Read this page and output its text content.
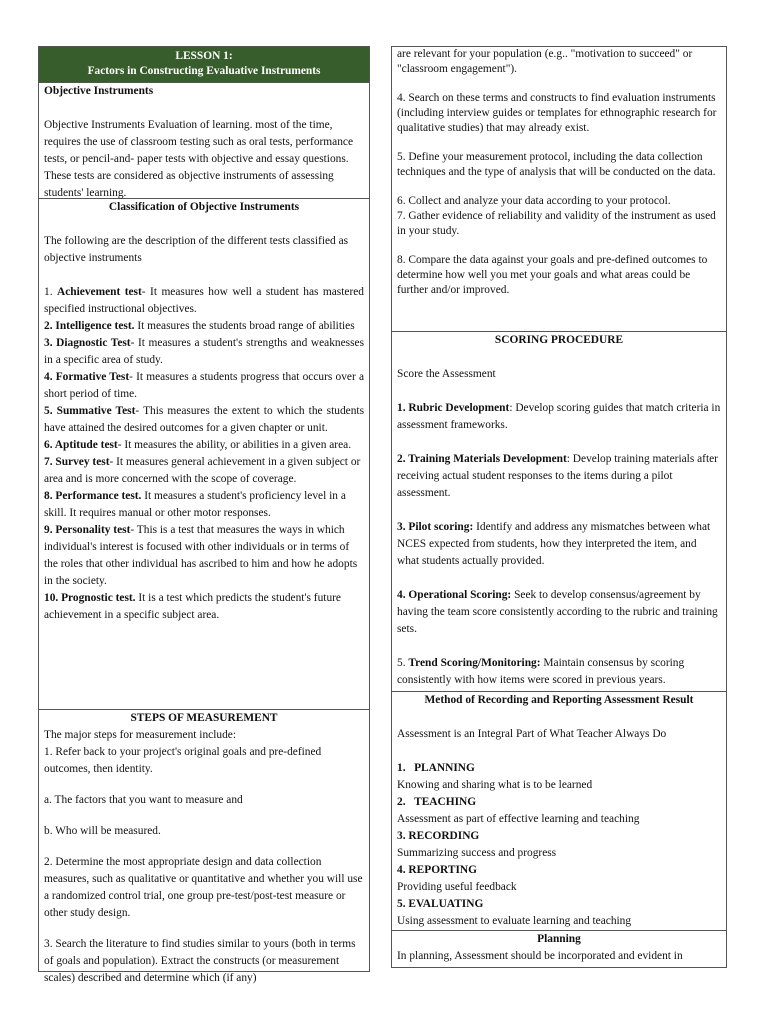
LESSON 1:
Factors in Constructing Evaluative Instruments

Objective Instruments

Objective Instruments Evaluation of learning. most of the time, requires the use of classroom testing such as oral tests, performance tests, or pencil-and- paper tests with objective and essay questions. These tests are considered as objective instruments of assessing students' learning.

Classification of Objective Instruments

The following are the description of the different tests classified as objective instruments

1. Achievement test- It measures how well a student has mastered specified instructional objectives.

2. Intelligence test. It measures the students broad range of abilities

3. Diagnostic Test- It measures a student's strengths and weaknesses in a specific area of study.

4. Formative Test- It measures a students progress that occurs over a short period of time.

5. Summative Test- This measures the extent to which the students have attained the desired outcomes for a given chapter or unit.

6. Aptitude test- It measures the ability, or abilities in a given area.

7. Survey test- It measures general achievement in a given subject or area and is more concerned with the scope of coverage.

8. Performance test. It measures a student's proficiency level in a skill. It requires manual or other motor responses.

9. Personality test- This is a test that measures the ways in which individual's interest is focused with other individuals or in terms of the roles that other individual has ascribed to him and how he adopts in the society.

10. Prognostic test. It is a test which predicts the student's future achievement in a specific subject area.

STEPS OF MEASUREMENT

The major steps for measurement include:

1. Refer back to your project's original goals and pre-defined outcomes, then identity.

a. The factors that you want to measure and

b. Who will be measured.

2. Determine the most appropriate design and data collection measures, such as qualitative or quantitative and whether you will use a randomized control trial, one group pre-test/post-test measure or other study design.

3. Search the literature to find studies similar to yours (both in terms of goals and population). Extract the constructs (or measurement scales) described and determine which (if any)

are relevant for your population (e.g.. "motivation to succeed" or "classroom engagement").

4. Search on these terms and constructs to find evaluation instruments (including interview guides or templates for ethnographic research for qualitative studies) that may already exist.

5. Define your measurement protocol, including the data collection techniques and the type of analysis that will be conducted on the data.

6. Collect and analyze your data according to your protocol.

7. Gather evidence of reliability and validity of the instrument as used in your study.

8. Compare the data against your goals and pre-defined outcomes to determine how well you met your goals and what areas could be further and/or improved.

SCORING PROCEDURE

Score the Assessment

1. Rubric Development: Develop scoring guides that match criteria in assessment frameworks.

2. Training Materials Development: Develop training materials after receiving actual student responses to the items during a pilot assessment.

3. Pilot scoring: Identify and address any mismatches between what NCES expected from students, how they interpreted the item, and what students actually provided.

4. Operational Scoring: Seek to develop consensus/agreement by having the team score consistently according to the rubric and training sets.

5. Trend Scoring/Monitoring: Maintain consensus by scoring consistently with how items were scored in previous years.

Method of Recording and Reporting Assessment Result

Assessment is an Integral Part of What Teacher Always Do

1. PLANNING

Knowing and sharing what is to be learned

2. TEACHING

Assessment as part of effective learning and teaching

3. RECORDING

Summarizing success and progress

4. REPORTING

Providing useful feedback

5. EVALUATING

Using assessment to evaluate learning and teaching

Planning

In planning, Assessment should be incorporated and evident in
